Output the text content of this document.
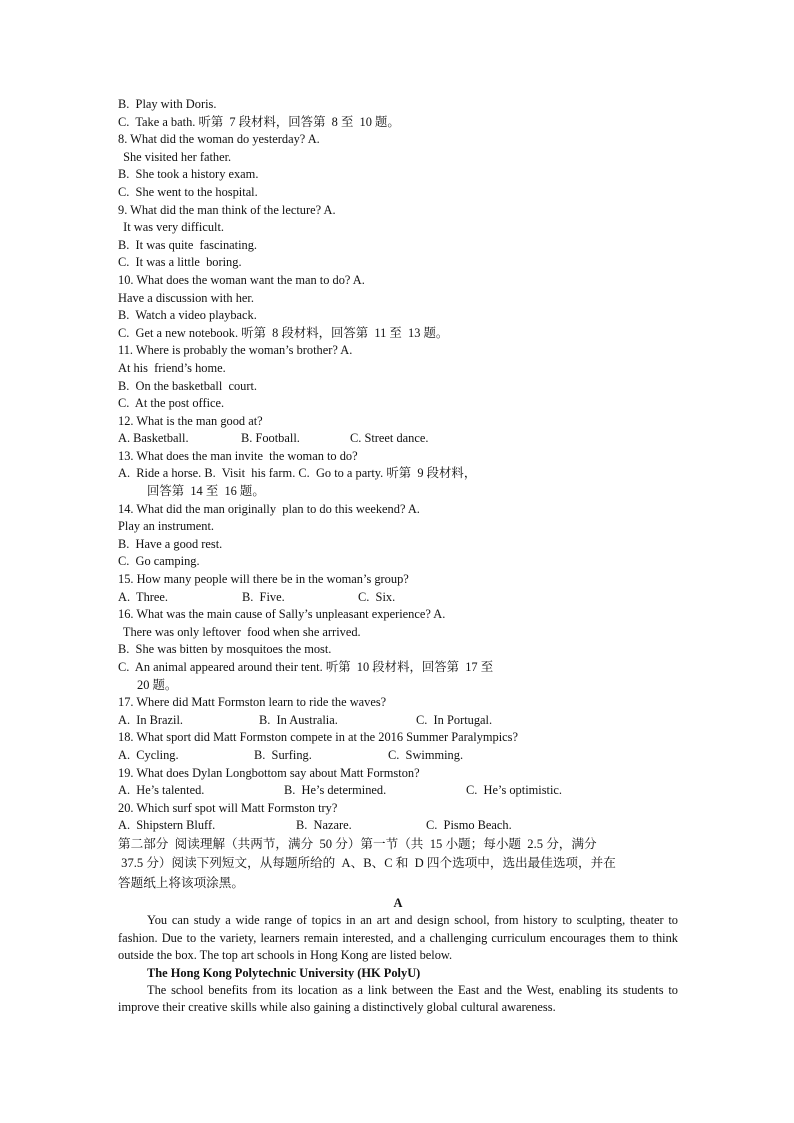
B.  Play with Doris.
C.  Take a bath. 听第  7 段材料，回答第  8 至  10 题。
8. What did the woman do yesterday? A.
She visited her father.
B.  She took a history exam.
C.  She went to the hospital.
9. What did the man think of the lecture? A.
It was very difficult.
B.  It was quite  fascinating.
C.  It was a little  boring.
10. What does the woman want the man to do? A.
Have a discussion with her.
B.  Watch a video playback.
C.  Get a new notebook. 听第  8 段材料，回答第  11 至  13 题。
11. Where is probably the woman’s brother? A.
At his  friend’s home.
B.  On the basketball  court.
C.  At the post office.
12. What is the man good at?
A. Basketball.	B. Football.	C. Street dance.
13. What does the man invite  the woman to do?
A.  Ride a horse. B.  Visit  his farm. C.  Go to a party. 听第  9 段材料，
回答第  14 至  16 题。
14. What did the man originally  plan to do this weekend? A.
Play an instrument.
B.  Have a good rest.
C.  Go camping.
15. How many people will there be in the woman’s group?
A.  Three.	B.  Five.	C.  Six.
16. What was the main cause of Sally’s unpleasant experience? A.
There was only leftover  food when she arrived.
B.  She was bitten by mosquitoes the most.
C.  An animal appeared around their tent. 听第  10 段材料，回答第  17 至
20 题。
17. Where did Matt Formston learn to ride the waves?
A.  In Brazil.	B.  In Australia.	C.  In Portugal.
18. What sport did Matt Formston compete in at the 2016 Summer Paralympics?
A.  Cycling.	B.  Surfing.	C.  Swimming.
19. What does Dylan Longbottom say about Matt Formston?
A.  He’s talented.	B.  He’s determined.	C.  He’s optimistic.
20. Which surf spot will Matt Formston try?
A.  Shipstern Bluff.	B.  Nazare.	C.  Pismo Beach.
第二部分  阅读理解（共两节，满分  50 分）第一节（共  15 小题；每小题  2.5 分，满分
37.5 分）阅读下列短文，从每题所给的  A、B、C 和  D 四个选项中，选出最佳选项，并在
答题纸上将该项涂黑。
A
You can study a wide range of topics in an art and design school, from history to sculpting, theater to fashion. Due to the variety, learners remain interested, and a challenging curriculum encourages them to think outside the box. The top art schools in Hong Kong are listed below.
The Hong Kong Polytechnic University (HK PolyU)
The school benefits from its location as a link between the East and the West, enabling its students to improve their creative skills while also gaining a distinctively global cultural awareness.
